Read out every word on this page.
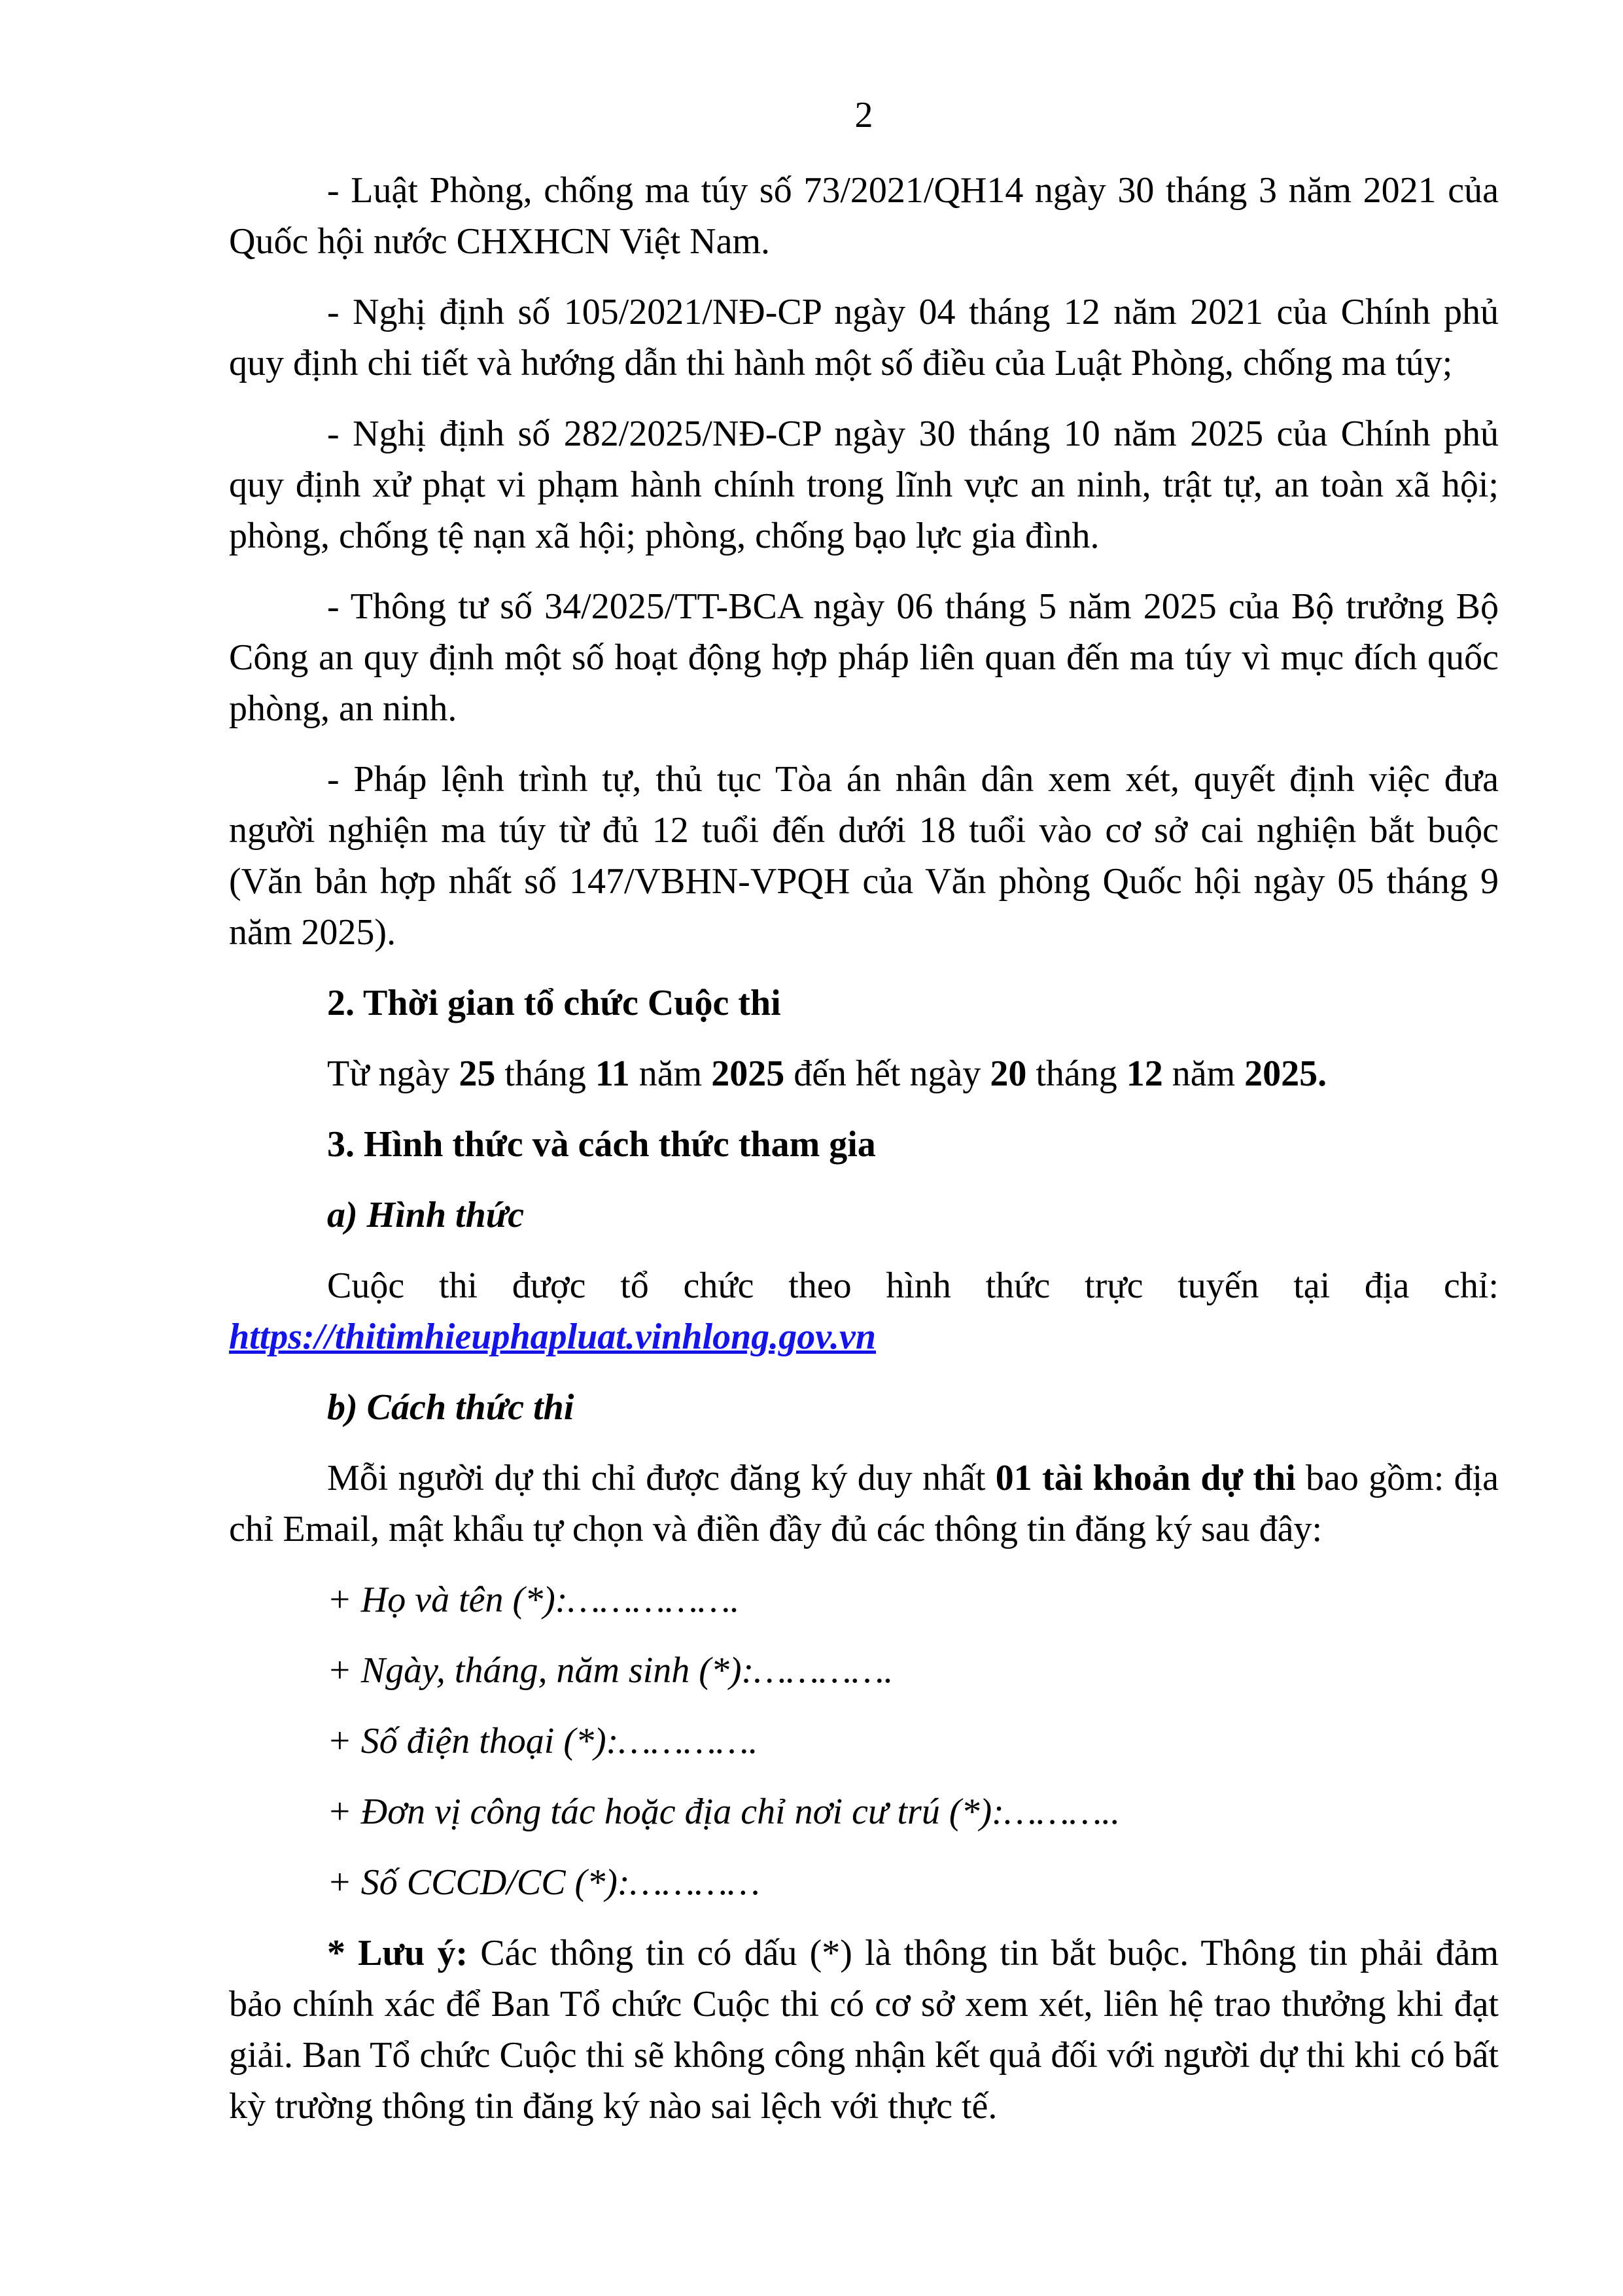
2

- Luật Phòng, chống ma túy số 73/2021/QH14 ngày 30 tháng 3 năm 2021 của Quốc hội nước CHXHCN Việt Nam.

- Nghị định số 105/2021/NĐ-CP ngày 04 tháng 12 năm 2021 của Chính phủ quy định chi tiết và hướng dẫn thi hành một số điều của Luật Phòng, chống ma túy;

- Nghị định số 282/2025/NĐ-CP ngày 30 tháng 10 năm 2025 của Chính phủ quy định xử phạt vi phạm hành chính trong lĩnh vực an ninh, trật tự, an toàn xã hội; phòng, chống tệ nạn xã hội; phòng, chống bạo lực gia đình.

- Thông tư số 34/2025/TT-BCA ngày 06 tháng 5 năm 2025 của Bộ trưởng Bộ Công an quy định một số hoạt động hợp pháp liên quan đến ma túy vì mục đích quốc phòng, an ninh.

- Pháp lệnh trình tự, thủ tục Tòa án nhân dân xem xét, quyết định việc đưa người nghiện ma túy từ đủ 12 tuổi đến dưới 18 tuổi vào cơ sở cai nghiện bắt buộc (Văn bản hợp nhất số 147/VBHN-VPQH của Văn phòng Quốc hội ngày 05 tháng 9 năm 2025).

2. Thời gian tổ chức Cuộc thi

Từ ngày 25 tháng 11 năm 2025 đến hết ngày 20 tháng 12 năm 2025.

3. Hình thức và cách thức tham gia

a) Hình thức

Cuộc thi được tổ chức theo hình thức trực tuyến tại địa chỉ: https://thitimhieuphapluat.vinhlong.gov.vn

b) Cách thức thi

Mỗi người dự thi chỉ được đăng ký duy nhất 01 tài khoản dự thi bao gồm: địa chỉ Email, mật khẩu tự chọn và điền đầy đủ các thông tin đăng ký sau đây:

+ Họ và tên (*):…………….

+ Ngày, tháng, năm sinh (*):………….

+ Số điện thoại (*):………….

+ Đơn vị công tác hoặc địa chỉ nơi cư trú (*):………..

+ Số CCCD/CC (*):…………

* Lưu ý: Các thông tin có dấu (*) là thông tin bắt buộc. Thông tin phải đảm bảo chính xác để Ban Tổ chức Cuộc thi có cơ sở xem xét, liên hệ trao thưởng khi đạt giải. Ban Tổ chức Cuộc thi sẽ không công nhận kết quả đối với người dự thi khi có bất kỳ trường thông tin đăng ký nào sai lệch với thực tế.
